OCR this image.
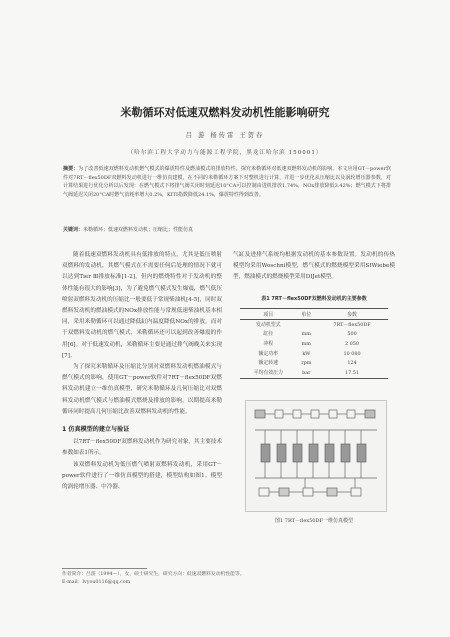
米勒循环对低速双燃料发动机性能影响研究
吕 游 杨传雷 王贺春
（哈尔滨工程大学动力与能源工程学院，黑龙江哈尔滨 150001）
摘要：为了改善低速双燃料发动机燃气模式的爆震特性及燃油模式的排放特性，探究米勒循环对低速双燃料发动机的影响。本文应用GT－power软件对7RT－flex50DF双燃料发动机进行一维仿真建模，在不同的米勒循环方案下对整机进行计算，并进一步优化从压缩比以及涡轮增压器参数，对计算结果进行优化分析以后发现：在燃气模式下将排气阀关闭时刻延迟10°CA可以控制由进机排放1.74%，NOx排放降低3.42%；燃气模式下将排气阀延迟关闭20°CA时燃气消耗率增大0.2%，KITI指数降低24.1%，爆震特性得到改善。
关键词：米勒循环；低速双燃料发动机；压缩比；性能仿真

随着低速双燃料发动机具有低排放的特点，尤其是低压喷射双燃料的发动机，其燃气模式在不需要任何后处理的情况下就可以达到Tier Ⅲ排放标准[1-2]。但内的燃烧特性对于发动机的整体性能有很大的影响[3]，为了避免燃气模式发生爆震，燃气低压喷射双燃料发动机的压缩比一般要低于常规柴油机[4-5]，同时双燃料发动机的燃油模式的NOx排放性能与常规低速柴油机基本相同，采用米勒循环可以通过降低缸内温度降低NOx的排放，而对于双燃料发动机的燃气模式，米勒循环还可以起到改善爆震的作用[6]。对于低速发动机，米勒循环主要是通过排气阀晚关来实现[7]。

为了探究米勒循环及压缩比分别对双燃料发动机燃油模式与燃气模式的影响，使用GT－power软件对7RT－flex50DF双燃料发动机建立一维仿真模型，研究米勒循环及几何压缩比对双燃料发动机燃气模式与燃油模式燃烧及排放的影响，以期提高米勒循环同时提高几何压缩比改善双燃料发动机的性能。

1 仿真模型的建立与验证

以7RT－flex50DF双燃料发动机作为研究对象，其主要技术参数如表1所示。

该双燃料发动机为低压燃气喷射双燃料发动机，采用GT－power软件进行了一维仿真模型的搭建，模型结构如图1。模型的涡轮增压器、中冷器、

气缸及进排气系统均根据发动机的基本参数设置。发动机的传热模型均采用Woschni模型，燃气模式的燃烧模型采用SIWiebe模型，燃油模式的燃烧模型采用DIJet模型。

表1 7RT－flex50DF双燃料发动机的主要参数
项目	单位	参数
发动机型式		7RT－flex50DF
缸径	mm	500
冲程	mm	2 050
额定功率	kW	10 080
额定转速	rpm	124
平均有效压力	bar	17.51
图1 7RT－flex50DF一维仿真模型
作者简介：吕游（1994—），女，硕士研究生，研究方向：低速双燃料发动机性能等。
E-mail：lvyou0116@qq.com
